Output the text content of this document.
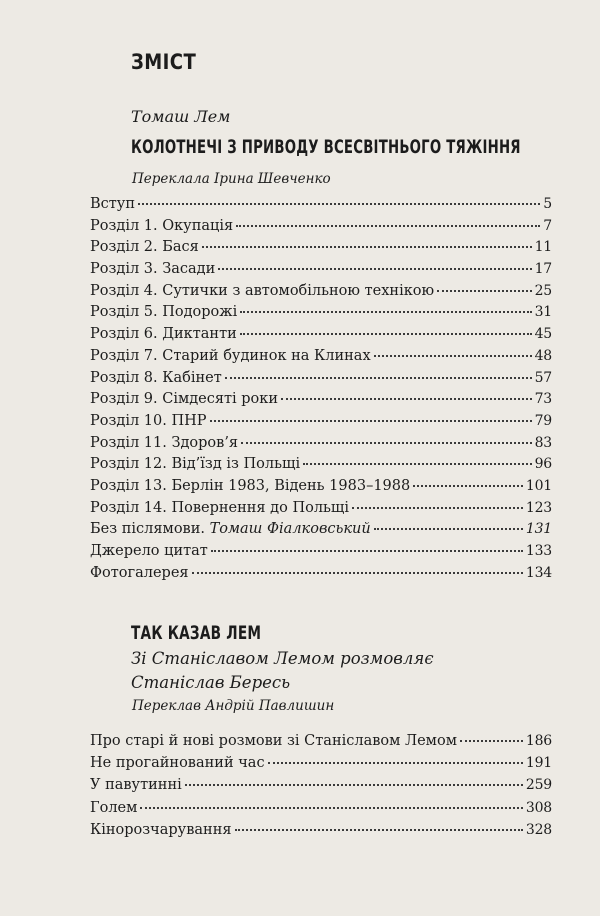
ЗМІСТ
Томаш Лем
КОЛОТНЕЧІ З ПРИВОДУ ВСЕСВІТНЬОГО ТЯЖІННЯ
Переклала Ірина Шевченко
Вступ	5
Розділ 1. Окупація	7
Розділ 2. Бася	11
Розділ 3. Засади	17
Розділ 4. Сутички з автомобільною технікою	25
Розділ 5. Подорожі	31
Розділ 6. Диктанти	45
Розділ 7. Старий будинок на Клинах	48
Розділ 8. Кабінет	57
Розділ 9. Сімдесяті роки	73
Розділ 10. ПНР	79
Розділ 11. Здоров’я	83
Розділ 12. Від’їзд із Польщі	96
Розділ 13. Берлін 1983, Відень 1983–1988	101
Розділ 14. Повернення до Польщі	123
Без післямови. Томаш Фіалковський	131
Джерело цитат	133
Фотогалерея	134
ТАК КАЗАВ ЛЕМ
Зі Станіславом Лемом розмовляє
Станіслав Бересь
Переклав Андрій Павлишин
Про старі й нові розмови зі Станіславом Лемом	186
Не прогайнований час	191
У павутинні	259
Голем	308
Кінорозчарування	328
